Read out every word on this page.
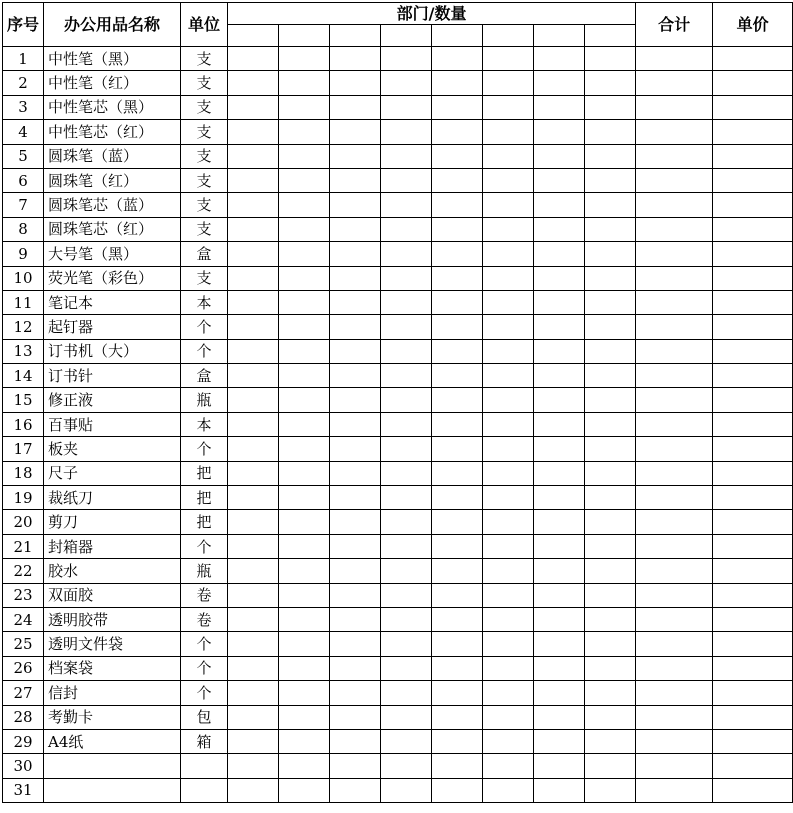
序号	办公用品名称	单位	部门/数量								合计	单价

1	中性笔（黑）	支										
2	中性笔（红）	支										
3	中性笔芯（黑）	支										
4	中性笔芯（红）	支										
5	圆珠笔（蓝）	支										
6	圆珠笔（红）	支										
7	圆珠笔芯（蓝）	支										
8	圆珠笔芯（红）	支										
9	大号笔（黑）	盒										
10	荧光笔（彩色）	支										
11	笔记本	本										
12	起钉器	个										
13	订书机（大）	个										
14	订书针	盒										
15	修正液	瓶										
16	百事贴	本										
17	板夹	个										
18	尺子	把										
19	裁纸刀	把										
20	剪刀	把										
21	封箱器	个										
22	胶水	瓶										
23	双面胶	卷										
24	透明胶带	卷										
25	透明文件袋	个										
26	档案袋	个										
27	信封	个										
28	考勤卡	包										
29	A4纸	箱										
30												
31												
